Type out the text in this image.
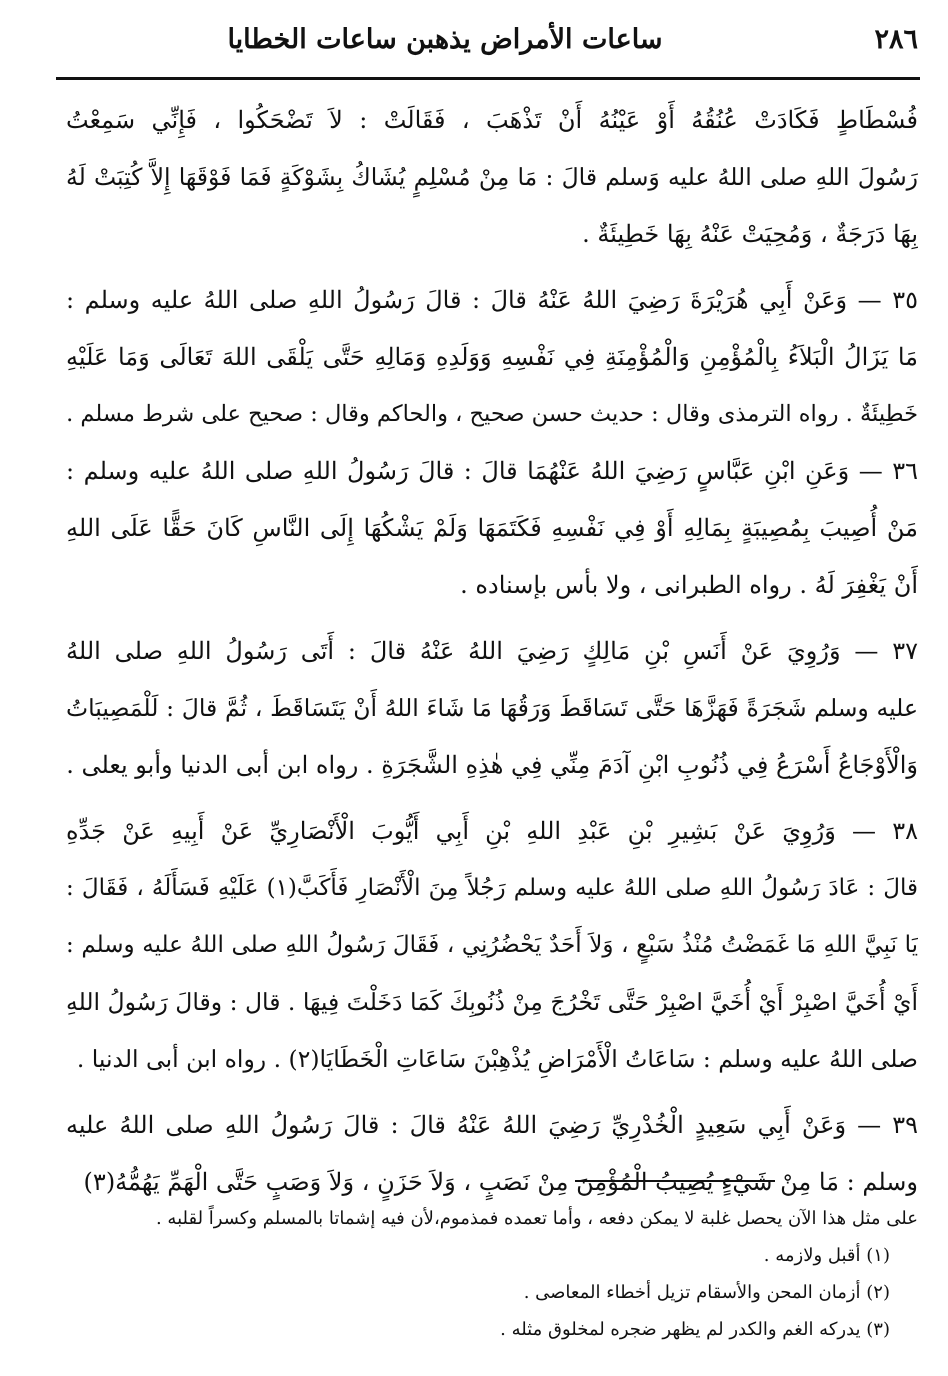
٢٨٦
ساعات الأمراض يذهبن ساعات الخطايا
فُسْطَاطٍ فَكَادَتْ عُنُقُهُ أَوْ عَيْنُهُ أَنْ تَذْهَبَ ، فَقَالَتْ : لاَ تَضْحَكُوا ، فَإِنِّي سَمِعْتُ
رَسُولَ اللهِ صلى اللهُ عليه وَسلم قالَ : مَا مِنْ مُسْلِمٍ يُشَاكُ بِشَوْكَةٍ فَمَا فَوْقَهَا إِلاَّ كُتِبَتْ لَهُ
بِهَا دَرَجَةٌ ، وَمُحِيَتْ عَنْهُ بِهَا خَطِيئَةٌ .
٣٥ — وَعَنْ أَبِي هُرَيْرَةَ رَضِيَ اللهُ عَنْهُ قالَ : قالَ رَسُولُ اللهِ صلى اللهُ عليه وسلم :
مَا يَزَالُ الْبَلاَءُ بِالْمُؤْمِنِ وَالْمُؤْمِنَةِ فِي نَفْسِهِ وَوَلَدِهِ وَمَالِهِ حَتَّى يَلْقَى اللهَ تَعَالَى وَمَا عَلَيْهِ
خَطِيئَةٌ . رواه الترمذى وقال : حديث حسن صحيح ، والحاكم وقال : صحيح على شرط مسلم .
٣٦ — وَعَنِ ابْنِ عَبَّاسٍ رَضِيَ اللهُ عَنْهُمَا قالَ : قالَ رَسُولُ اللهِ صلى اللهُ عليه وسلم :
مَنْ أُصِيبَ بِمُصِيبَةٍ بِمَالِهِ أَوْ فِي نَفْسِهِ فَكَتَمَهَا وَلَمْ يَشْكُهَا إِلَى النَّاسِ كَانَ حَقًّا عَلَى اللهِ
أَنْ يَغْفِرَ لَهُ . رواه الطبرانى ، ولا بأس بإسناده .
٣٧ — وَرُوِيَ عَنْ أَنَسِ بْنِ مَالِكٍ رَضِيَ اللهُ عَنْهُ قالَ : أَتَى رَسُولُ اللهِ صلى اللهُ
عليه وسلم شَجَرَةً فَهَزَّهَا حَتَّى تَسَاقَطَ وَرَقُهَا مَا شَاءَ اللهُ أَنْ يَتَسَاقَطَ ، ثُمَّ قالَ : لَلْمَصِيبَاتُ
وَالْأَوْجَاعُ أَسْرَعُ فِي ذُنُوبِ ابْنِ آدَمَ مِنِّي فِي هٰذِهِ الشَّجَرَةِ . رواه ابن أبى الدنيا وأبو يعلى .
٣٨ — وَرُوِيَ عَنْ بَشِيرِ بْنِ عَبْدِ اللهِ بْنِ أَبِي أَيُّوبَ الْأَنْصَارِيِّ عَنْ أَبِيهِ عَنْ جَدِّهِ
قالَ : عَادَ رَسُولُ اللهِ صلى اللهُ عليه وسلم رَجُلاً مِنَ الْأَنْصَارِ فَأَكَبَّ(١) عَلَيْهِ فَسَأَلَهُ ، فَقَالَ :
يَا نَبِيَّ اللهِ مَا غَمَضْتُ مُنْذُ سَبْعٍ ، وَلاَ أَحَدٌ يَحْضُرُنِي ، فَقَالَ رَسُولُ اللهِ صلى اللهُ عليه وسلم :
أَيْ أُخَيَّ اصْبِرْ أَيْ أُخَيَّ اصْبِرْ حَتَّى تَخْرُجَ مِنْ ذُنُوبِكَ كَمَا دَخَلْتَ فِيهَا . قال : وقالَ رَسُولُ اللهِ
صلى اللهُ عليه وسلم : سَاعَاتُ الْأَمْرَاضِ يُذْهِبْنَ سَاعَاتِ الْخَطَايَا(٢) . رواه ابن أبى الدنيا .
٣٩ — وَعَنْ أَبِي سَعِيدٍ الْخُدْرِيِّ رَضِيَ اللهُ عَنْهُ قالَ : قالَ رَسُولُ اللهِ صلى اللهُ عليه
وسلم : مَا مِنْ شَيْءٍ يُصِيبُ الْمُؤْمِنَ مِنْ نَصَبٍ ، وَلاَ حَزَنٍ ، وَلاَ وَصَبٍ حَتَّى الْهَمِّ يَهُمُّهُ(٣)
على مثل هذا الآن يحصل غلبة لا يمكن دفعه ، وأما تعمده فمذموم،لأن فيه إشماتا بالمسلم وكسراً لقلبه .
(١) أقبل ولازمه .
(٢) أزمان المحن والأسقام تزيل أخطاء المعاصى .
(٣) يدركه الغم والكدر لم يظهر ضجره لمخلوق مثله .
